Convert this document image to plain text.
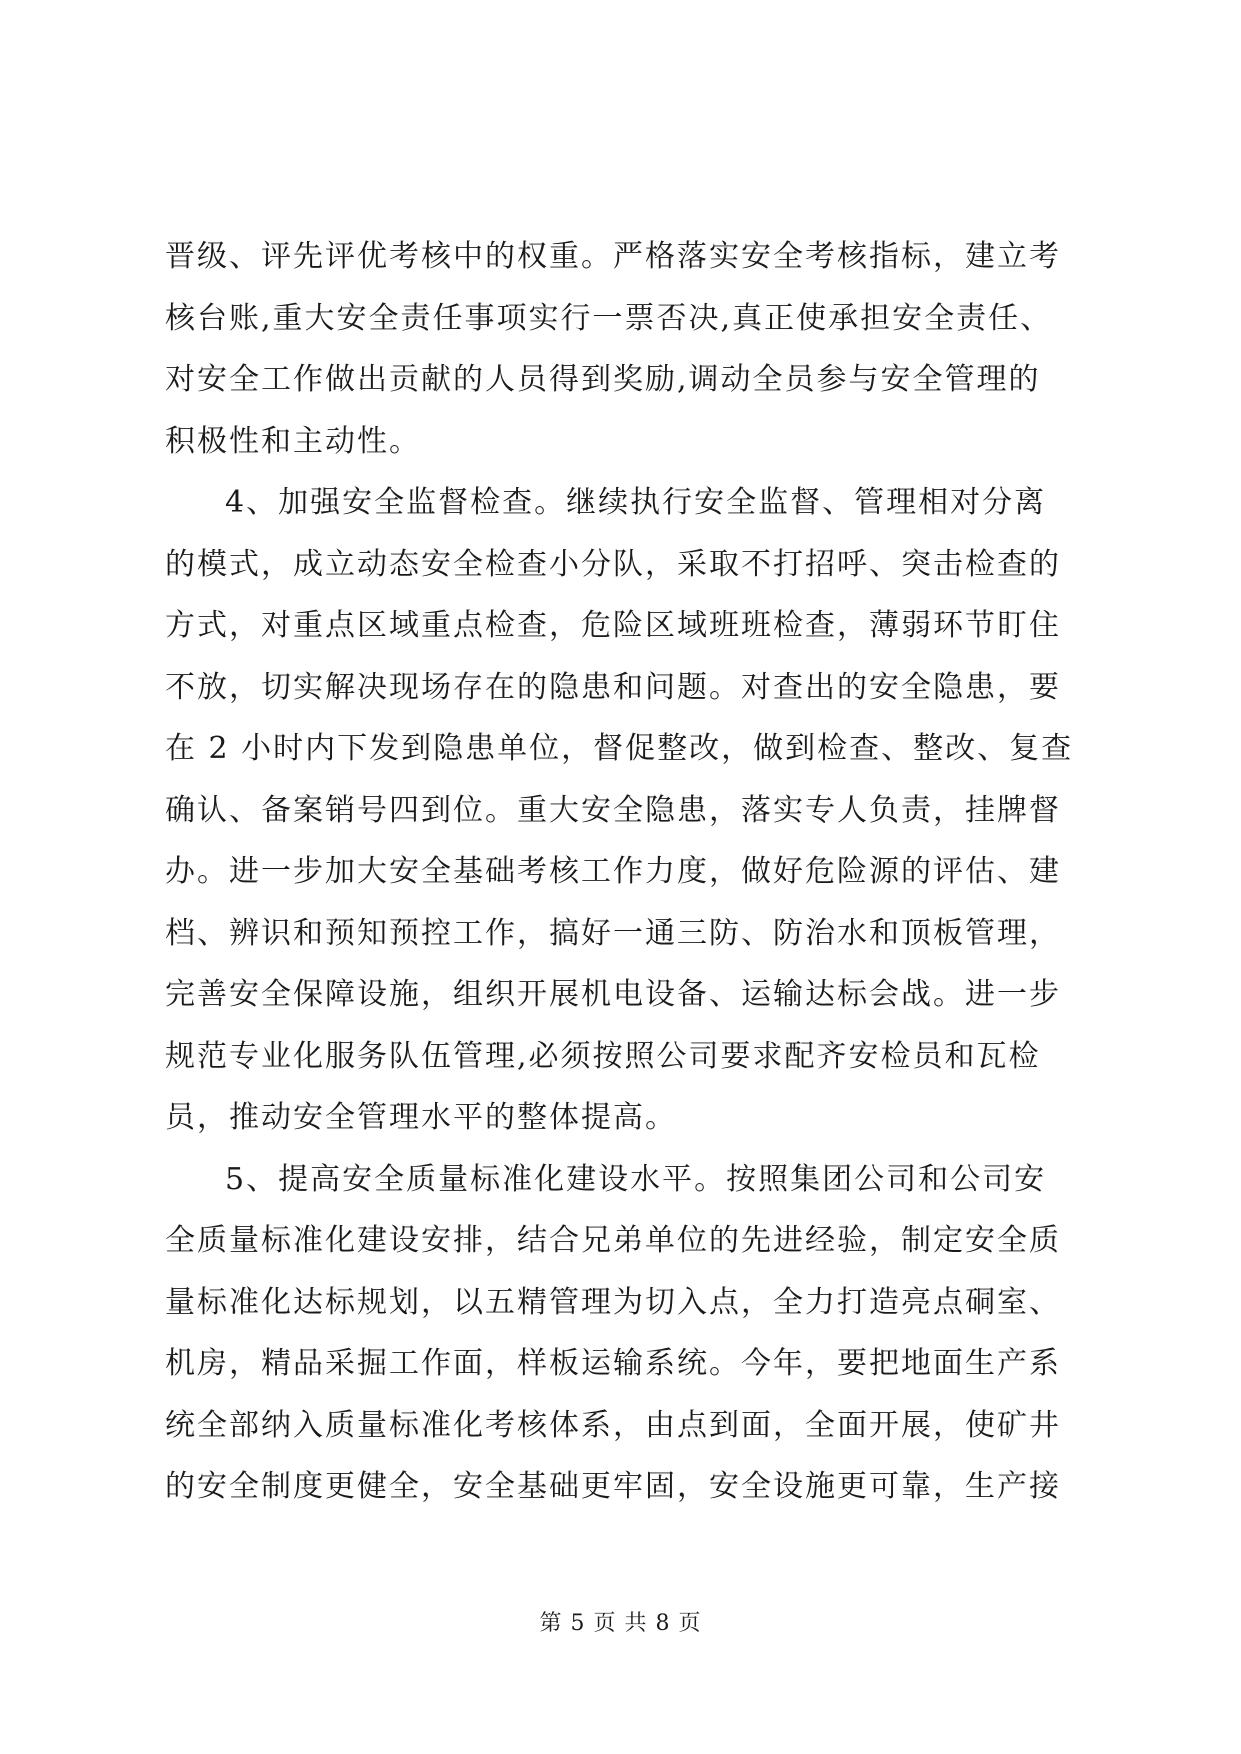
晋级、评先评优考核中的权重。严格落实安全考核指标，建立考
核台账,重大安全责任事项实行一票否决,真正使承担安全责任、
对安全工作做出贡献的人员得到奖励,调动全员参与安全管理的
积极性和主动性。
4、加强安全监督检查。继续执行安全监督、管理相对分离
的模式，成立动态安全检查小分队，采取不打招呼、突击检查的
方式，对重点区域重点检查，危险区域班班检查，薄弱环节盯住
不放，切实解决现场存在的隐患和问题。对查出的安全隐患，要
在 2 小时内下发到隐患单位，督促整改，做到检查、整改、复查
确认、备案销号四到位。重大安全隐患，落实专人负责，挂牌督
办。进一步加大安全基础考核工作力度，做好危险源的评估、建
档、辨识和预知预控工作，搞好一通三防、防治水和顶板管理，
完善安全保障设施，组织开展机电设备、运输达标会战。进一步
规范专业化服务队伍管理,必须按照公司要求配齐安检员和瓦检
员，推动安全管理水平的整体提高。
5、提高安全质量标准化建设水平。按照集团公司和公司安
全质量标准化建设安排，结合兄弟单位的先进经验，制定安全质
量标准化达标规划，以五精管理为切入点，全力打造亮点硐室、
机房，精品采掘工作面，样板运输系统。今年，要把地面生产系
统全部纳入质量标准化考核体系，由点到面，全面开展，使矿井
的安全制度更健全，安全基础更牢固，安全设施更可靠，生产接
第 5 页 共 8 页
